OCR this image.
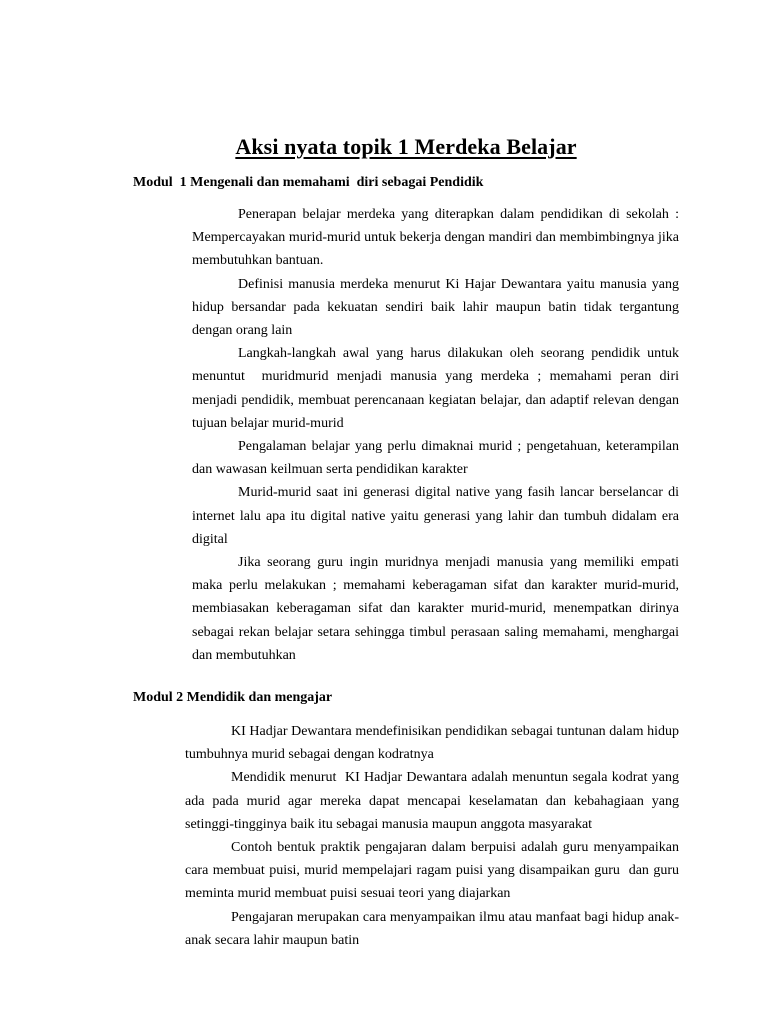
Aksi nyata topik 1 Merdeka Belajar
Modul  1 Mengenali dan memahami  diri sebagai Pendidik

Penerapan belajar merdeka yang diterapkan dalam pendidikan di sekolah : Mempercayakan murid-murid untuk bekerja dengan mandiri dan membimbingnya jika membutuhkan bantuan.

Definisi manusia merdeka menurut Ki Hajar Dewantara yaitu manusia yang hidup bersandar pada kekuatan sendiri baik lahir maupun batin tidak tergantung dengan orang lain

Langkah-langkah awal yang harus dilakukan oleh seorang pendidik untuk menuntut  muridmurid menjadi manusia yang merdeka ; memahami peran diri menjadi pendidik, membuat perencanaan kegiatan belajar, dan adaptif relevan dengan tujuan belajar murid-murid

Pengalaman belajar yang perlu dimaknai murid ; pengetahuan, keterampilan dan wawasan keilmuan serta pendidikan karakter

Murid-murid saat ini generasi digital native yang fasih lancar berselancar di internet lalu apa itu digital native yaitu generasi yang lahir dan tumbuh didalam era digital

Jika seorang guru ingin muridnya menjadi manusia yang memiliki empati maka perlu melakukan ; memahami keberagaman sifat dan karakter murid-murid, membiasakan keberagaman sifat dan karakter murid-murid, menempatkan dirinya sebagai rekan belajar setara sehingga timbul perasaan saling memahami, menghargai dan membutuhkan

Modul 2 Mendidik dan mengajar

KI Hadjar Dewantara mendefinisikan pendidikan sebagai tuntunan dalam hidup tumbuhnya murid sebagai dengan kodratnya

Mendidik menurut  KI Hadjar Dewantara adalah menuntun segala kodrat yang ada pada murid agar mereka dapat mencapai keselamatan dan kebahagiaan yang setinggi-tingginya baik itu sebagai manusia maupun anggota masyarakat

Contoh bentuk praktik pengajaran dalam berpuisi adalah guru menyampaikan cara membuat puisi, murid mempelajari ragam puisi yang disampaikan guru  dan guru meminta murid membuat puisi sesuai teori yang diajarkan

Pengajaran merupakan cara menyampaikan ilmu atau manfaat bagi hidup anak-anak secara lahir maupun batin
